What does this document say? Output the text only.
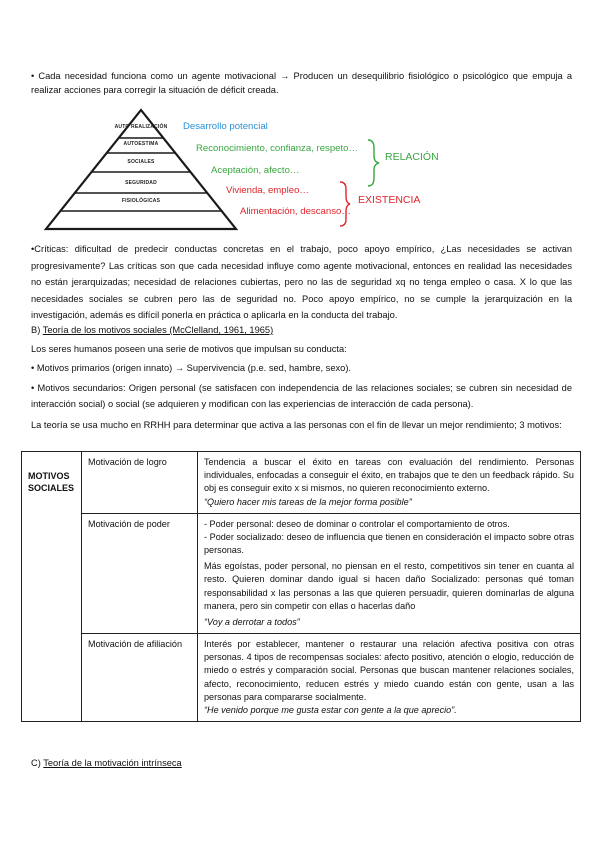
• Cada necesidad funciona como un agente motivacional → Producen un desequilibrio fisiológico o psicológico que empuja a realizar acciones para corregir la situación de déficit creada.
AUTO REALIZACIÓN
AUTOESTIMA
SOCIALES
SEGURIDAD
FISIOLÓGICAS
Desarrollo potencial
Reconocimiento, confianza, respeto…
Aceptación, afecto…
Vivienda, empleo…
Alimentación, descanso…
RELACIÓN
EXISTENCIA
•Críticas: dificultad de predecir conductas concretas en el trabajo, poco apoyo empírico, ¿Las necesidades se activan progresivamente? Las críticas son que cada necesidad influye como agente motivacional, entonces en realidad las necesidades no están jerarquizadas; necesidad de relaciones cubiertas, pero no las de seguridad xq no tenga empleo o casa. X lo que las necesidades sociales se cubren pero las de seguridad no. Poco apoyo empírico, no se cumple la jerarquización en la investigación, además es difícil ponerla en práctica o aplicarla en la conducta del trabajo.
B) Teoría de los motivos sociales (McClelland, 1961, 1965)
Los seres humanos poseen una serie de motivos que impulsan su conducta:
• Motivos primarios (origen innato) → Supervivencia (p.e. sed, hambre, sexo).
• Motivos secundarios: Origen personal (se satisfacen con independencia de las relaciones sociales; se cubren sin necesidad de interacción social) o social (se adquieren y modifican con las experiencias de interacción de cada persona).
La teoría se usa mucho en RRHH para determinar que activa a las personas con el fin de llevar un mejor rendimiento; 3 motivos:
MOTIVOS SOCIALES	Motivación de logro	Tendencia a buscar el éxito en tareas con evaluación del rendimiento. Personas individuales, enfocadas a conseguir el éxito, en trabajos que te den un feedback rápido. Su obj es conseguir exito x si mismos, no quieren reconocimiento externo.
“Quiero hacer mis tareas de la mejor forma posible”

	Motivación de poder	- Poder personal: deseo de dominar o controlar el comportamiento de otros.
- Poder socializado: deseo de influencia que tienen en consideración el impacto sobre otras personas.
Más egoístas, poder personal, no piensan en el resto, competitivos sin tener en cuanta al resto. Quieren dominar dando igual si hacen daño Socializado: personas qué toman responsabilidad x las personas a las que quieren persuadir, quieren dominarlas de alguna manera, pero sin competir con ellas o hacerlas daño
“Voy a derrotar a todos”

	Motivación de afiliación	Interés por establecer, mantener o restaurar una relación afectiva positiva con otras personas. 4 tipos de recompensas sociales: afecto positivo, atención o elogio, reducción de miedo o estrés y comparación social. Personas que buscan mantener relaciones sociales, afecto, reconocimiento, reducen estrés y miedo cuando están con gente, usan a las personas para compararse socialmente.
“He venido porque me gusta estar con gente a la que aprecio”.
C) Teoría de la motivación intrínseca
